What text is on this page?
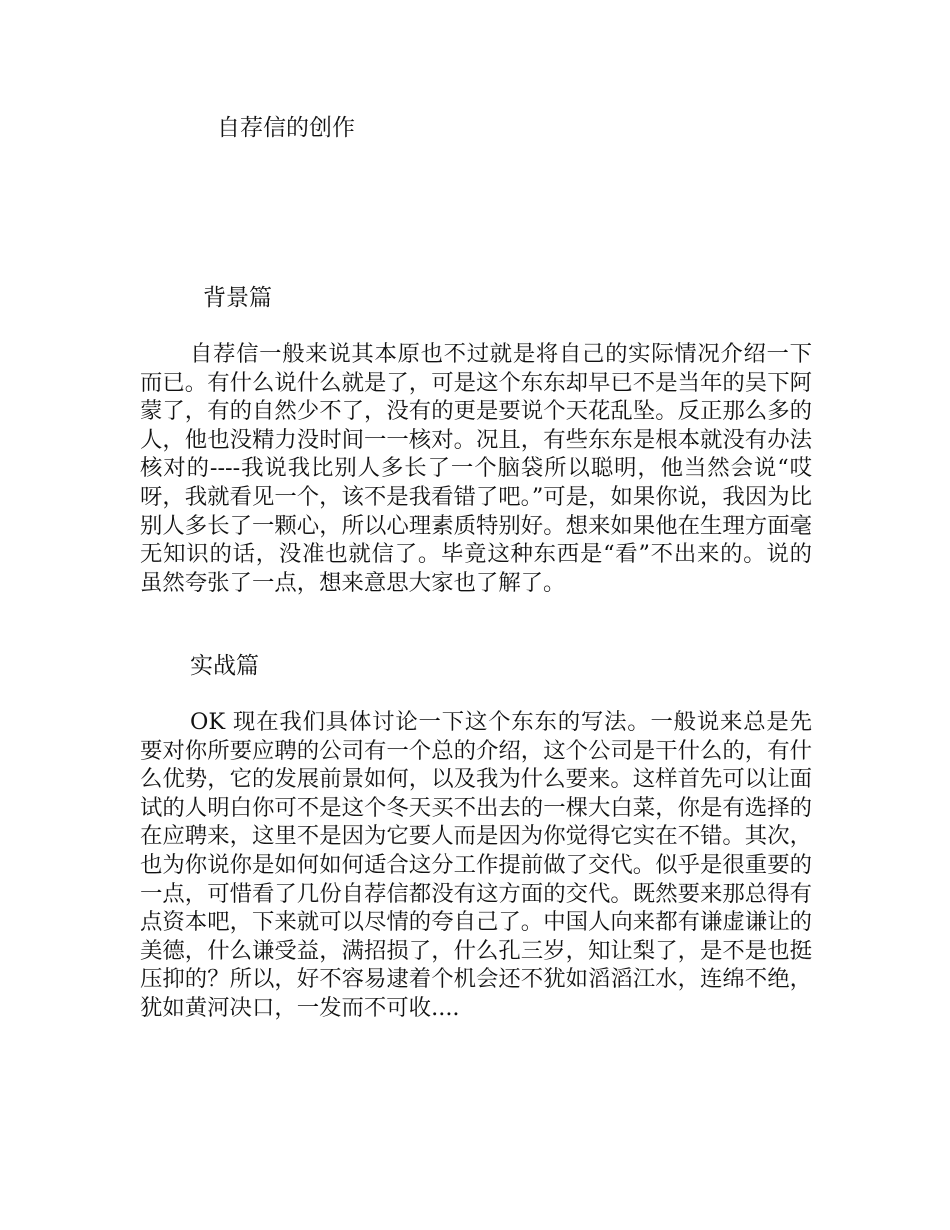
自荐信的创作
背景篇

自荐信一般来说其本原也不过就是将自己的实际情况介绍一下而已。有什么说什么就是了，可是这个东东却早已不是当年的吴下阿蒙了，有的自然少不了，没有的更是要说个天花乱坠。反正那么多的人，他也没精力没时间一一核对。况且，有些东东是根本就没有办法核对的----我说我比别人多长了一个脑袋所以聪明，他当然会说“哎呀，我就看见一个，该不是我看错了吧。”可是，如果你说，我因为比别人多长了一颗心，所以心理素质特别好。想来如果他在生理方面毫无知识的话，没准也就信了。毕竟这种东西是“看”不出来的。说的虽然夸张了一点，想来意思大家也了解了。

实战篇

OK 现在我们具体讨论一下这个东东的写法。一般说来总是先要对你所要应聘的公司有一个总的介绍，这个公司是干什么的，有什么优势，它的发展前景如何，以及我为什么要来。这样首先可以让面试的人明白你可不是这个冬天买不出去的一棵大白菜，你是有选择的在应聘来，这里不是因为它要人而是因为你觉得它实在不错。其次，也为你说你是如何如何适合这分工作提前做了交代。似乎是很重要的一点，可惜看了几份自荐信都没有这方面的交代。既然要来那总得有点资本吧，下来就可以尽情的夸自己了。中国人向来都有谦虚谦让的美德，什么谦受益，满招损了，什么孔三岁，知让梨了，是不是也挺压抑的？所以，好不容易逮着个机会还不犹如滔滔江水，连绵不绝，犹如黄河决口，一发而不可收....
